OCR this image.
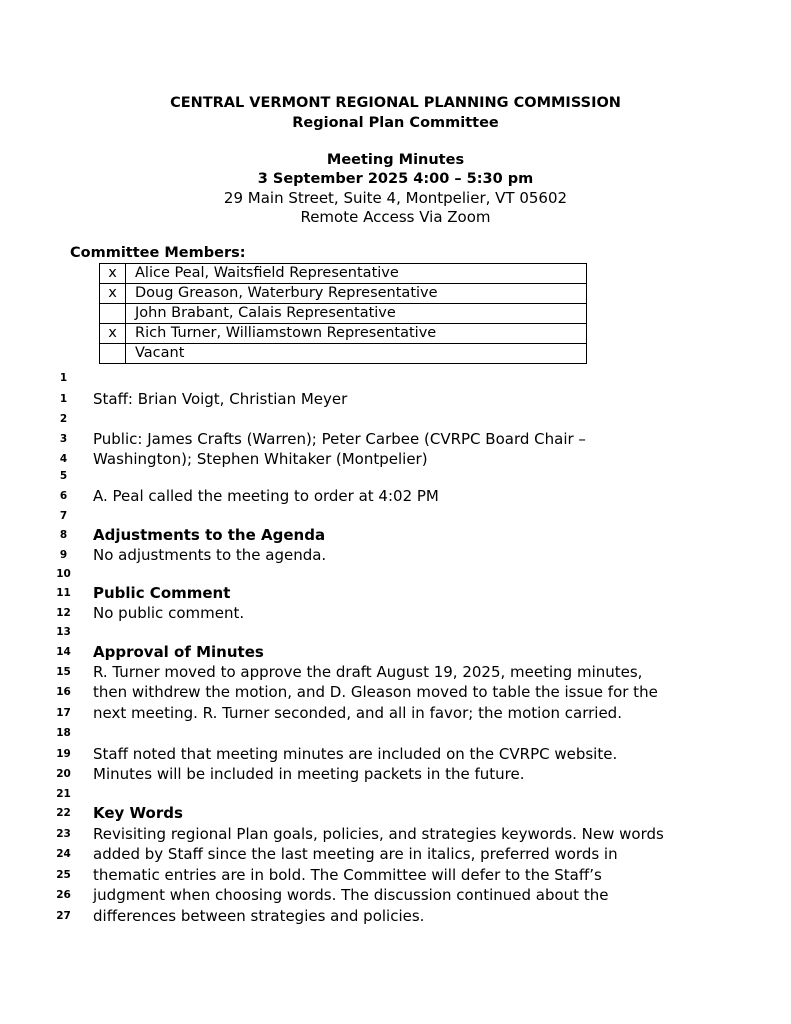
CENTRAL VERMONT REGIONAL PLANNING COMMISSION
Regional Plan Committee
Meeting Minutes
3 September 2025 4:00 – 5:30 pm
29 Main Street, Suite 4, Montpelier, VT 05602
Remote Access Via Zoom
Committee Members:
x	Alice Peal, Waitsfield Representative
x	Doug Greason, Waterbury Representative
	John Brabant, Calais Representative
x	Rich Turner, Williamstown Representative
	Vacant
1
1	Staff: Brian Voigt, Christian Meyer
2
3	Public: James Crafts (Warren); Peter Carbee (CVRPC Board Chair –
4	Washington); Stephen Whitaker (Montpelier)
5
6	A. Peal called the meeting to order at 4:02 PM
7
8	Adjustments to the Agenda
9	No adjustments to the agenda.
10
11 Public Comment
12 No public comment.
13
14 Approval of Minutes
15 R. Turner moved to approve the draft August 19, 2025, meeting minutes,
16 then withdrew the motion, and D. Gleason moved to table the issue for the
17 next meeting. R. Turner seconded, and all in favor; the motion carried.
18
19 Staff noted that meeting minutes are included on the CVRPC website.
20 Minutes will be included in meeting packets in the future.
21
22 Key Words
23 Revisiting regional Plan goals, policies, and strategies keywords. New words
24 added by Staff since the last meeting are in italics, preferred words in
25 thematic entries are in bold. The Committee will defer to the Staff’s
26 judgment when choosing words. The discussion continued about the
27 differences between strategies and policies.
